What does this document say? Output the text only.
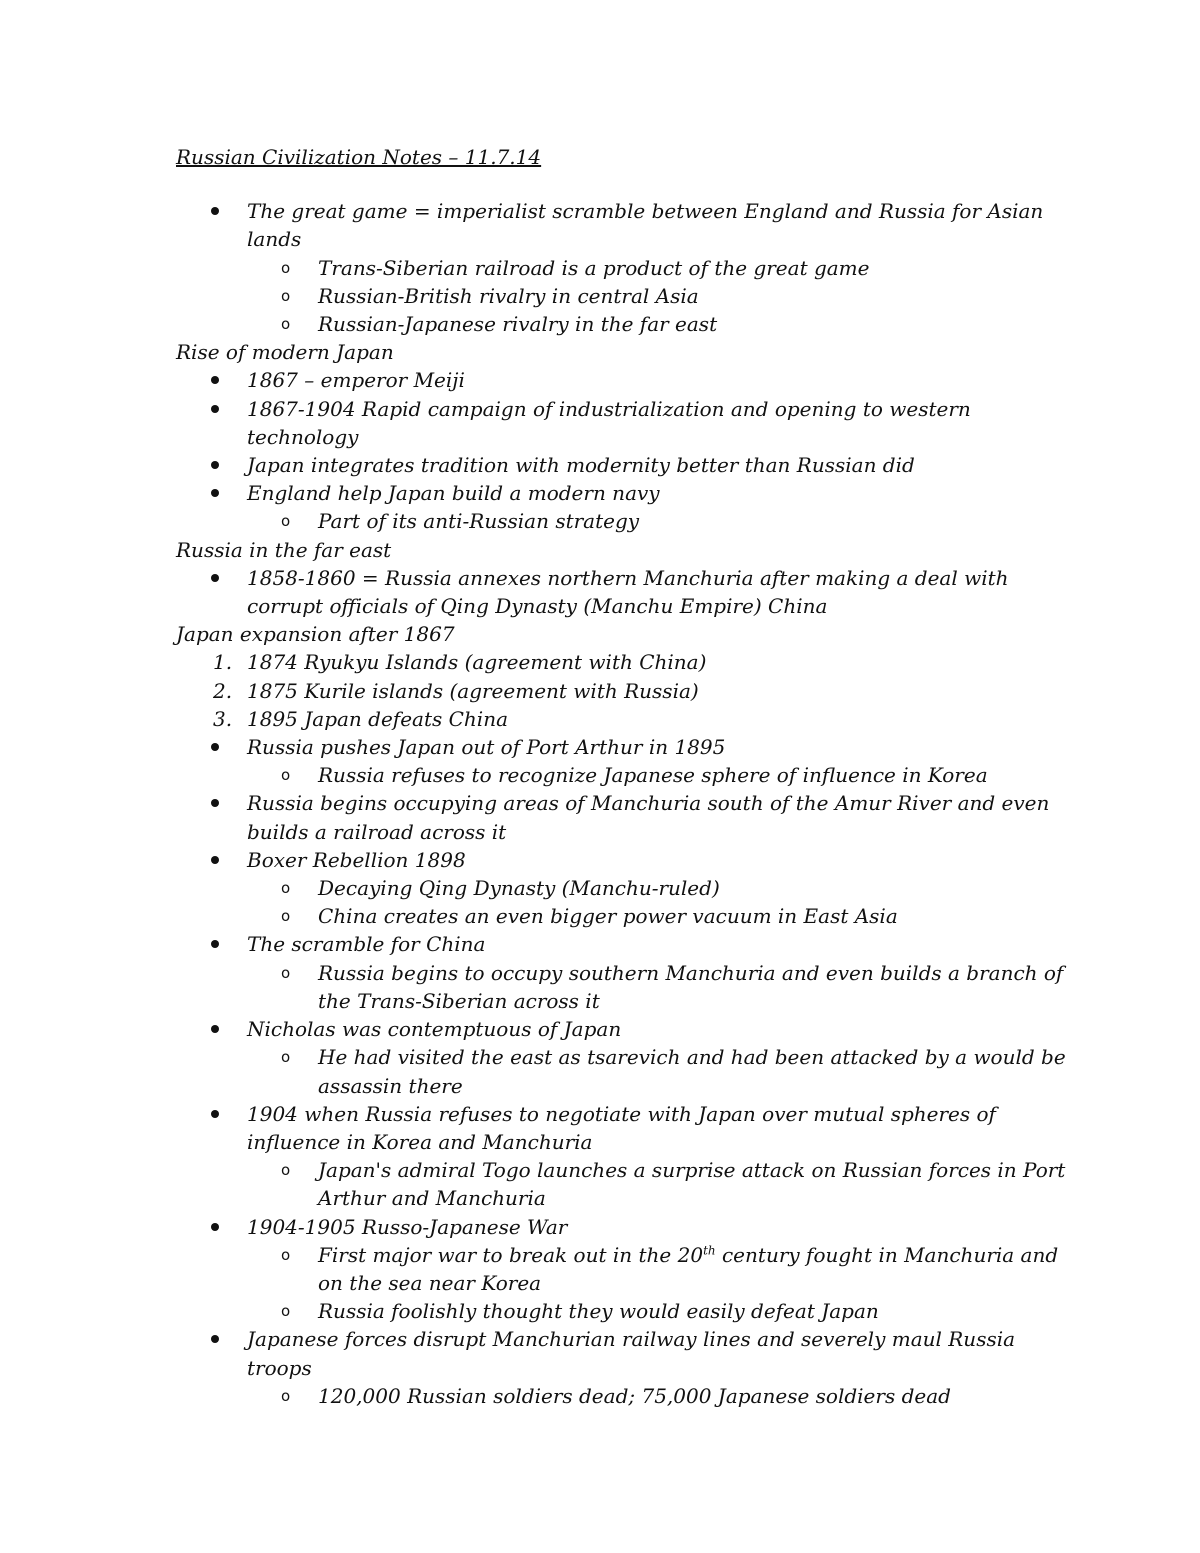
Russian Civilization Notes – 11.7.14
The great game = imperialist scramble between England and Russia for Asian lands
o Trans-Siberian railroad is a product of the great game
o Russian-British rivalry in central Asia
o Russian-Japanese rivalry in the far east
Rise of modern Japan
1867 – emperor Meiji
1867-1904 Rapid campaign of industrialization and opening to western technology
Japan integrates tradition with modernity better than Russian did
England help Japan build a modern navy
o Part of its anti-Russian strategy
Russia in the far east
1858-1860 = Russia annexes northern Manchuria after making a deal with corrupt officials of Qing Dynasty (Manchu Empire) China
Japan expansion after 1867
1. 1874 Ryukyu Islands (agreement with China)
2. 1875 Kurile islands (agreement with Russia)
3. 1895 Japan defeats China
Russia pushes Japan out of Port Arthur in 1895
o Russia refuses to recognize Japanese sphere of influence in Korea
Russia begins occupying areas of Manchuria south of the Amur River and even builds a railroad across it
Boxer Rebellion 1898
o Decaying Qing Dynasty (Manchu-ruled)
o China creates an even bigger power vacuum in East Asia
The scramble for China
o Russia begins to occupy southern Manchuria and even builds a branch of the Trans-Siberian across it
Nicholas was contemptuous of Japan
o He had visited the east as tsarevich and had been attacked by a would be assassin there
1904 when Russia refuses to negotiate with Japan over mutual spheres of influence in Korea and Manchuria
o Japan's admiral Togo launches a surprise attack on Russian forces in Port Arthur and Manchuria
1904-1905 Russo-Japanese War
o First major war to break out in the 20th century fought in Manchuria and on the sea near Korea
o Russia foolishly thought they would easily defeat Japan
Japanese forces disrupt Manchurian railway lines and severely maul Russia troops
o 120,000 Russian soldiers dead; 75,000 Japanese soldiers dead
